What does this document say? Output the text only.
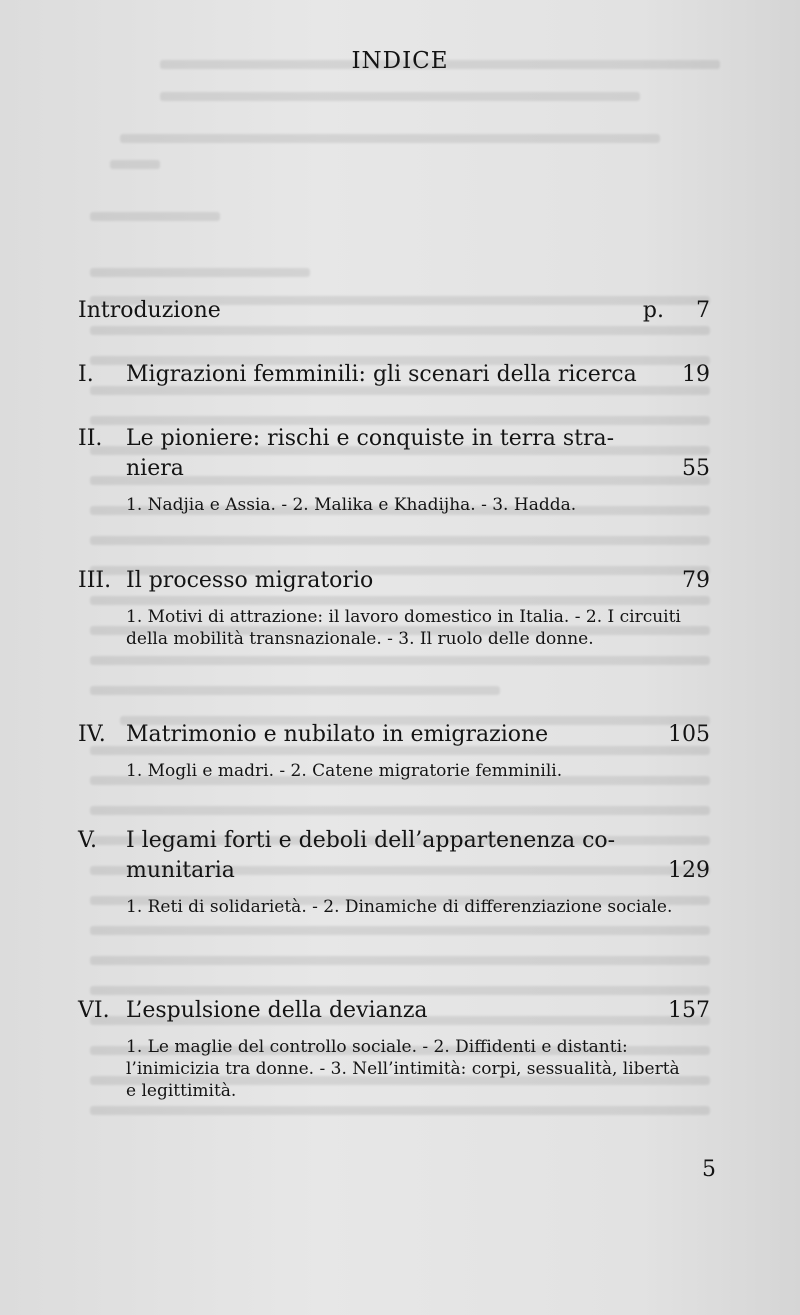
INDICE
Introduzione	p. 7
I. Migrazioni femminili: gli scenari della ricerca 19
II. Le pioniere: rischi e conquiste in terra stra-
niera	55
1. Nadjia e Assia. - 2. Malika e Khadijha. - 3. Hadda.
III. Il processo migratorio	79
1. Motivi di attrazione: il lavoro domestico in Italia. - 2. I circuiti della mobilità transnazionale. - 3. Il ruolo delle donne.
IV. Matrimonio e nubilato in emigrazione	105
1. Mogli e madri. - 2. Catene migratorie femminili.
V. I legami forti e deboli dell’appartenenza co-
munitaria	129
1. Reti di solidarietà. - 2. Dinamiche di differenziazione sociale.
VI. L’espulsione della devianza	157
1. Le maglie del controllo sociale. - 2. Diffidenti e distanti: l’inimicizia tra donne. - 3. Nell’intimità: corpi, sessualità, libertà e legittimità.
5
